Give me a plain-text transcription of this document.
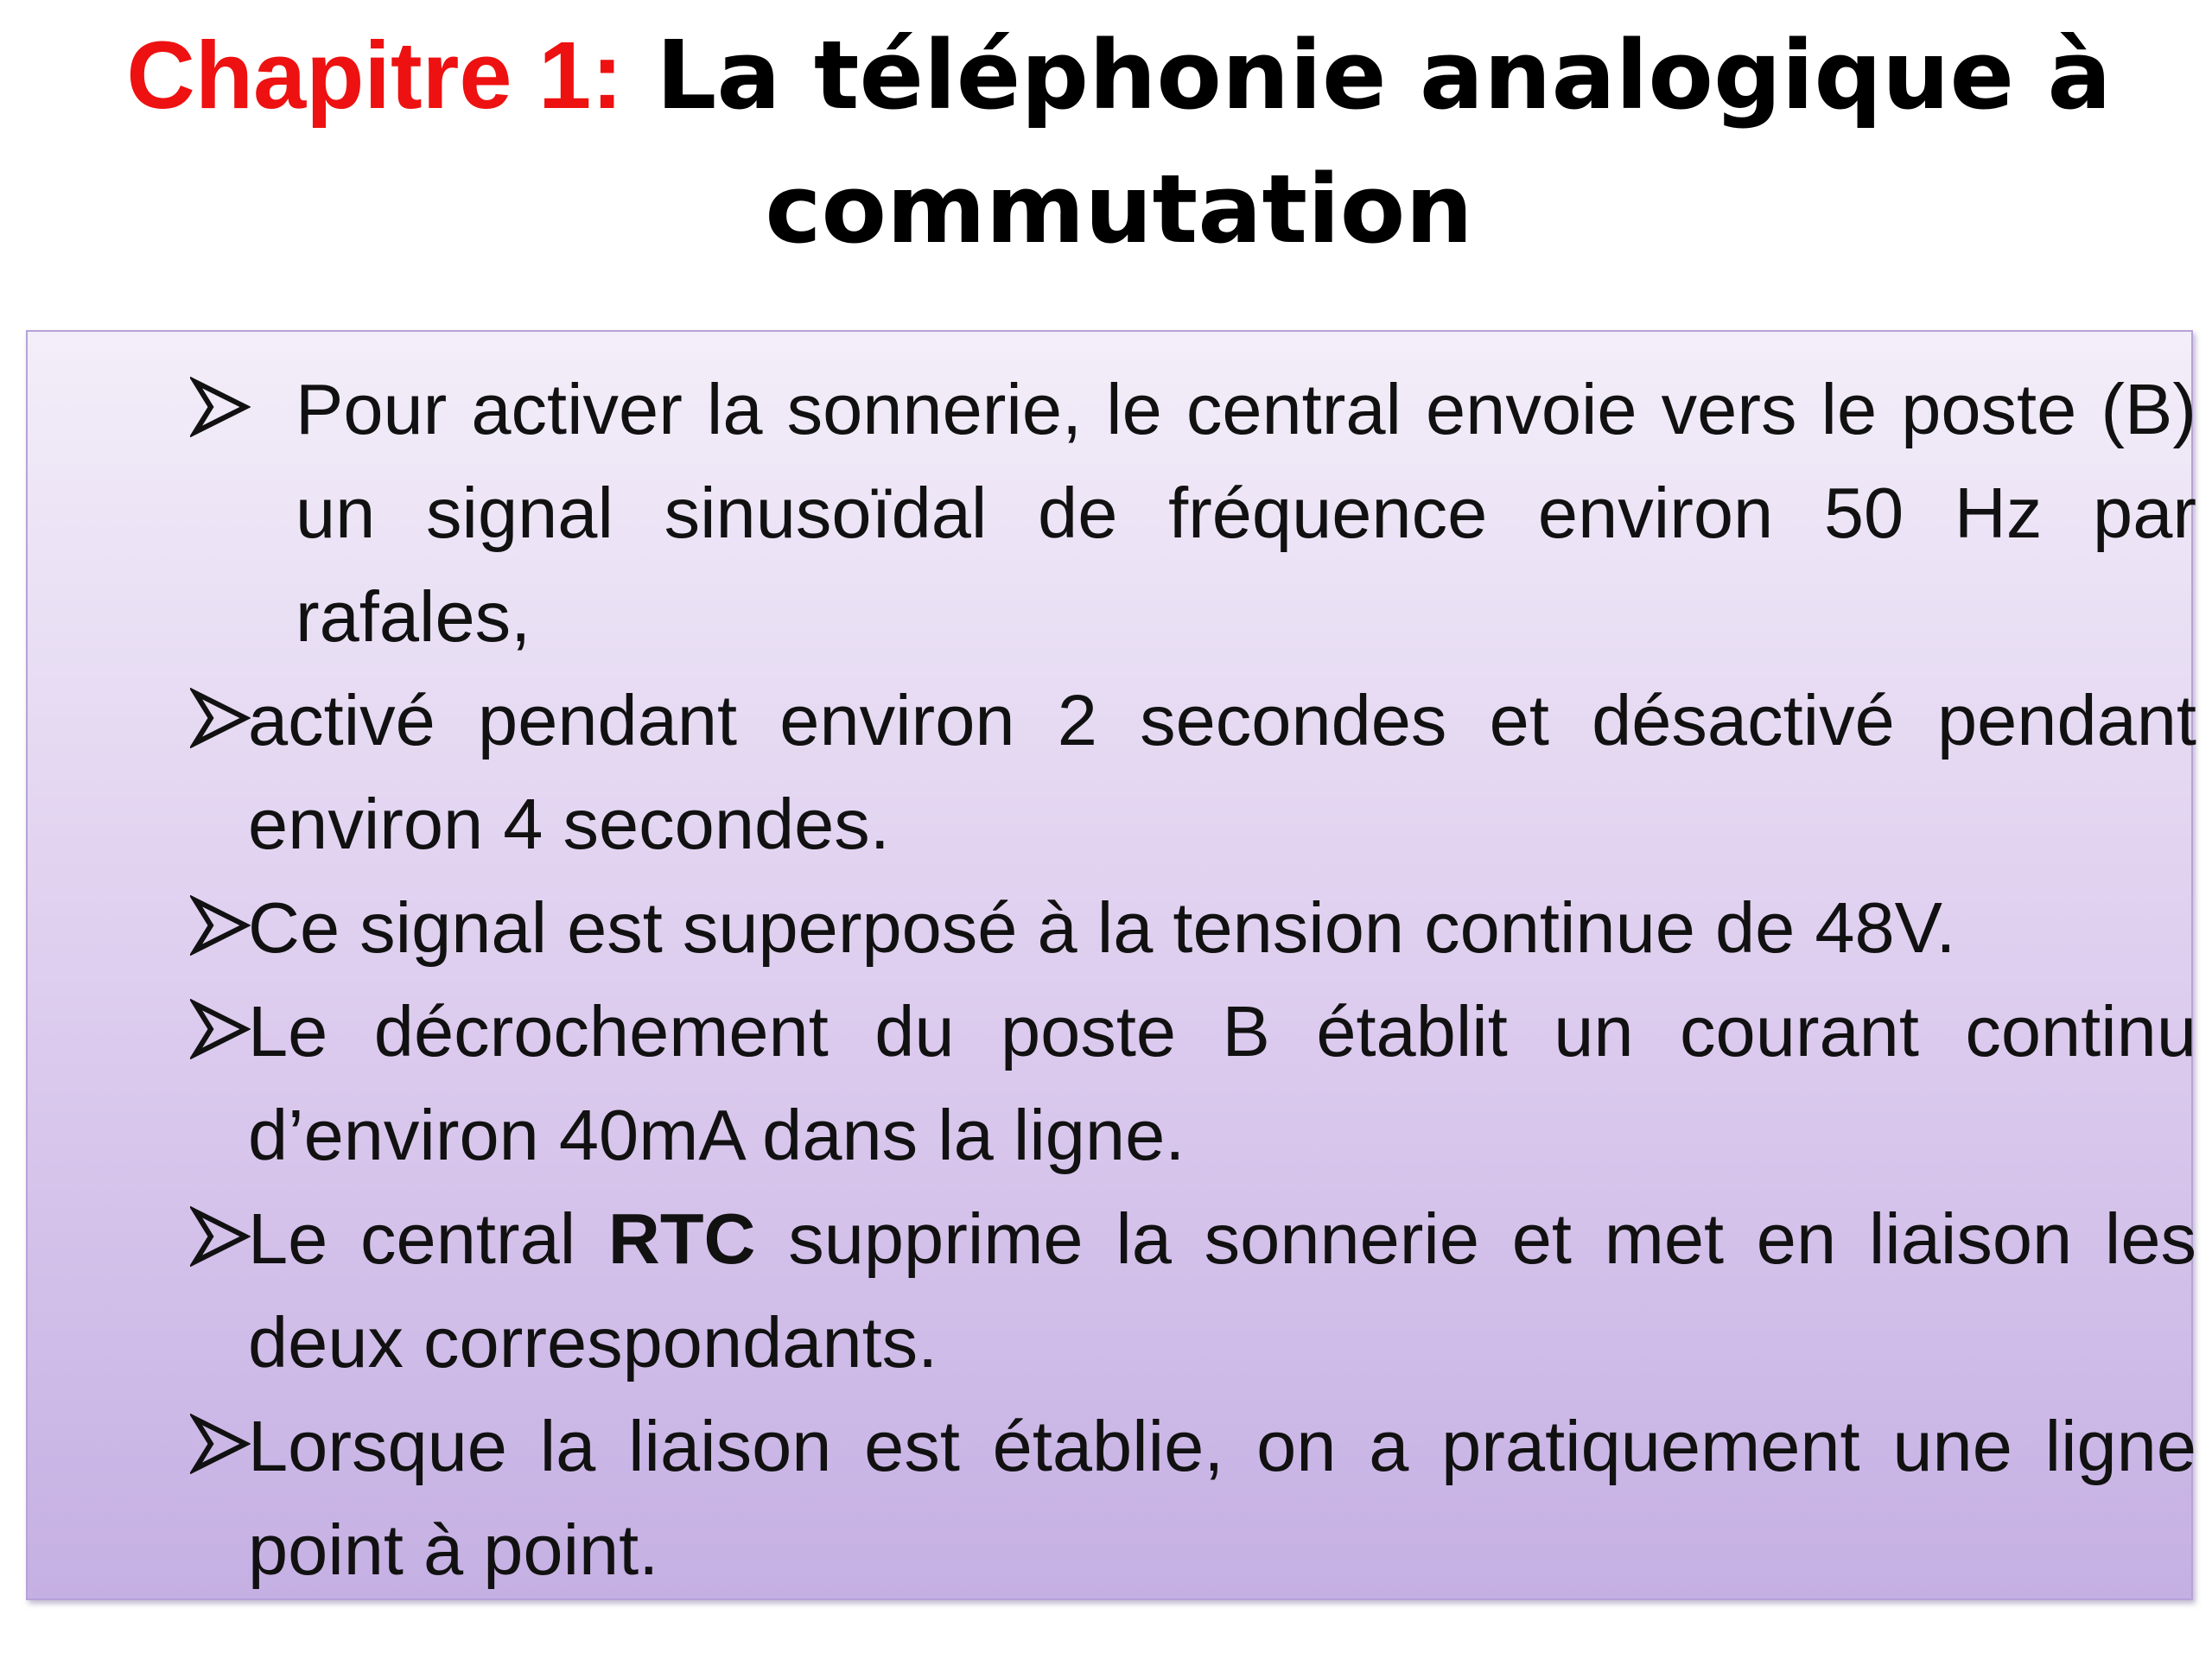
Chapitre 1: La téléphonie analogique à commutation
Pour activer la sonnerie, le central envoie vers le poste (B) un signal sinusoïdal de fréquence environ 50 Hz par rafales,
activé pendant environ 2 secondes et désactivé pendant environ 4 secondes.
Ce signal est superposé à la tension continue de 48V.
Le décrochement du poste B établit un courant continu d’environ 40mA dans la ligne.
Le central RTC supprime la sonnerie et met en liaison les deux correspondants.
Lorsque la liaison est établie, on a pratiquement une ligne point à point.
